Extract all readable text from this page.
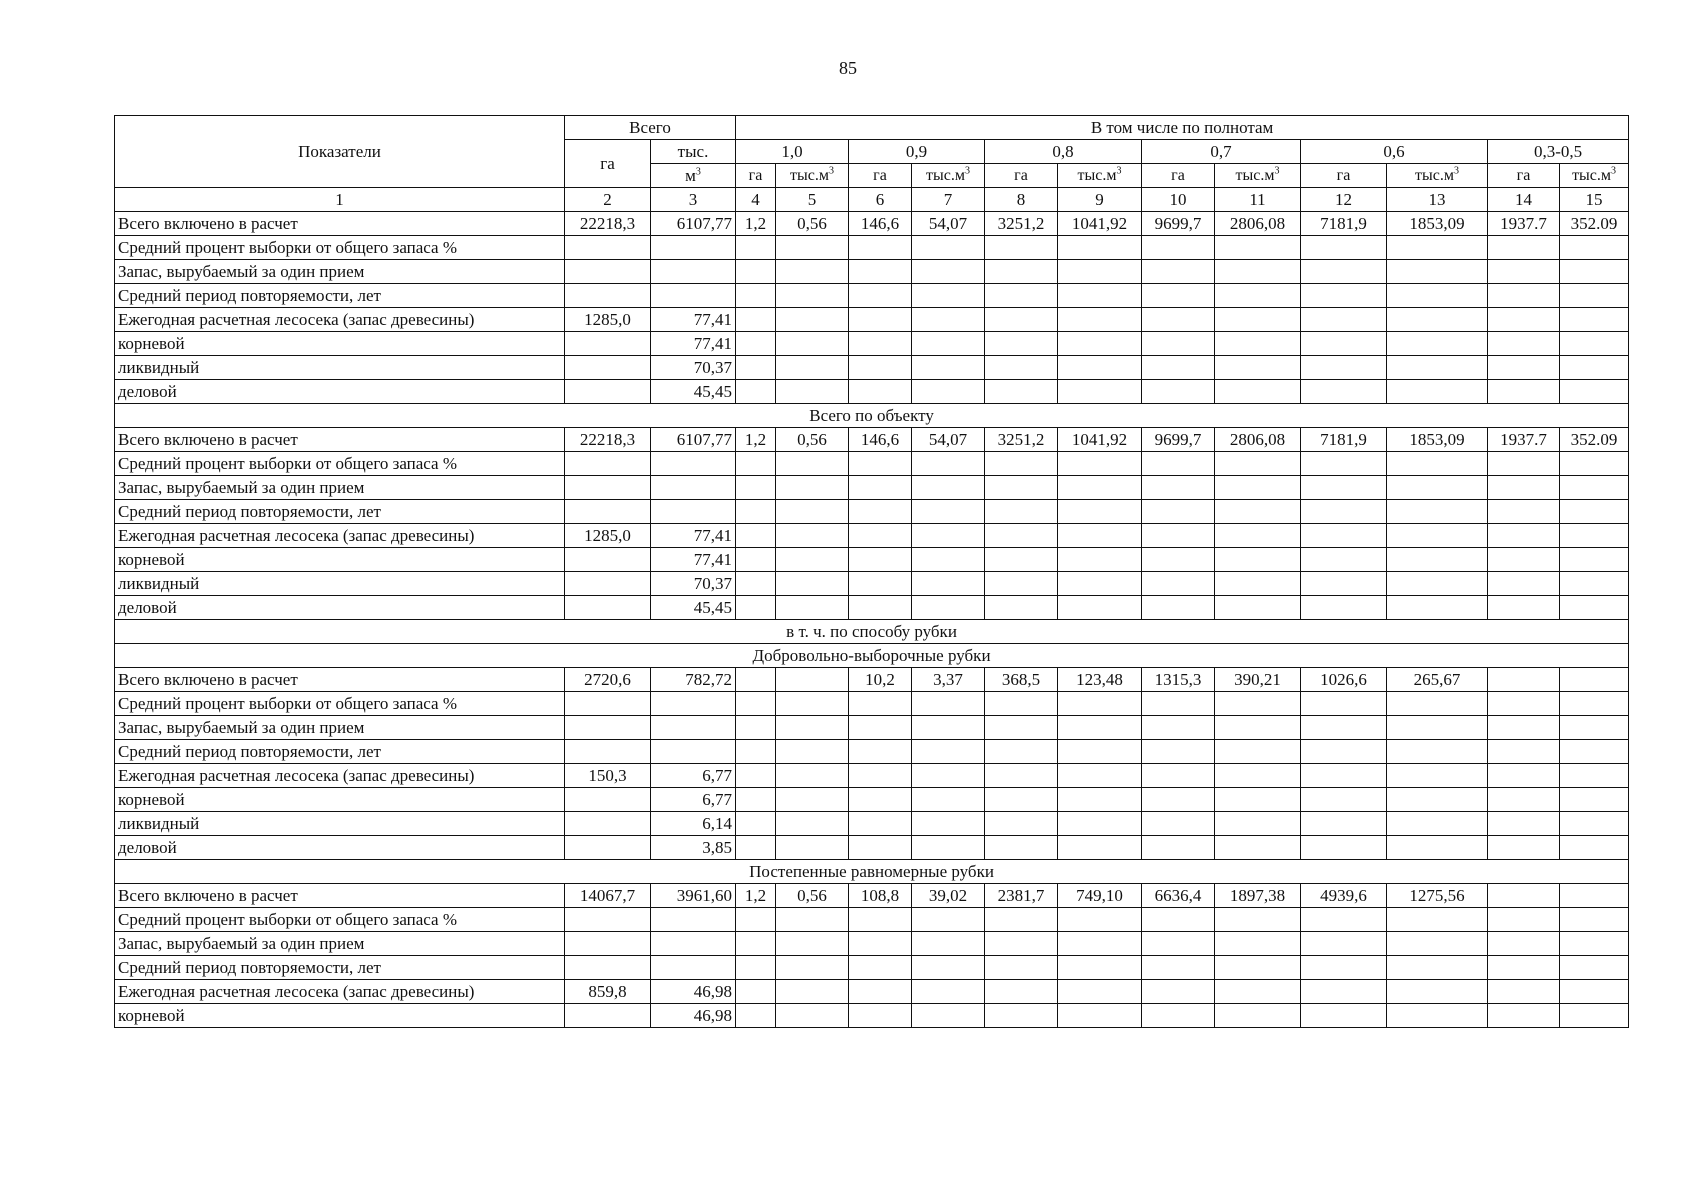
85
Показатели	Всего		В том числе по полнотам											
	га	тыс.	1,0		0,9		0,8		0,7		0,6		0,3-0,5	
		$м^3$	га	$тыс.м^3$	га	$тыс.м^3$	га	$тыс.м^3$	га	$тыс.м^3$	га	$тыс.м^3$	га	$тыс.м^3$
1	2	3	4	5	6	7	8	9	10	11	12	13	14	15
Всего включено в расчет	22218,3	6107,77	1,2	0,56	146,6	54,07	3251,2	1041,92	9699,7	2806,08	7181,9	1853,09	1937.7	352.09
Средний процент выборки от общего запаса %														
Запас, вырубаемый за один прием														
Средний период повторяемости, лет														
Ежегодная расчетная лесосека (запас древесины)	1285,0	77,41												
корневой		77,41												
ликвидный		70,37												
деловой		45,45												
Всего по объекту														
Всего включено в расчет	22218,3	6107,77	1,2	0,56	146,6	54,07	3251,2	1041,92	9699,7	2806,08	7181,9	1853,09	1937.7	352.09
Средний процент выборки от общего запаса %														
Запас, вырубаемый за один прием														
Средний период повторяемости, лет														
Ежегодная расчетная лесосека (запас древесины)	1285,0	77,41												
корневой		77,41												
ликвидный		70,37												
деловой		45,45												
в т. ч. по способу рубки														
Добровольно-выборочные рубки														
Всего включено в расчет	2720,6	782,72			10,2	3,37	368,5	123,48	1315,3	390,21	1026,6	265,67		
Средний процент выборки от общего запаса %														
Запас, вырубаемый за один прием														
Средний период повторяемости, лет														
Ежегодная расчетная лесосека (запас древесины)	150,3	6,77												
корневой		6,77												
ликвидный		6,14												
деловой		3,85												
Постепенные равномерные рубки														
Всего включено в расчет	14067,7	3961,60	1,2	0,56	108,8	39,02	2381,7	749,10	6636,4	1897,38	4939,6	1275,56		
Средний процент выборки от общего запаса %														
Запас, вырубаемый за один прием														
Средний период повторяемости, лет														
Ежегодная расчетная лесосека (запас древесины)	859,8	46,98												
корневой		46,98												
